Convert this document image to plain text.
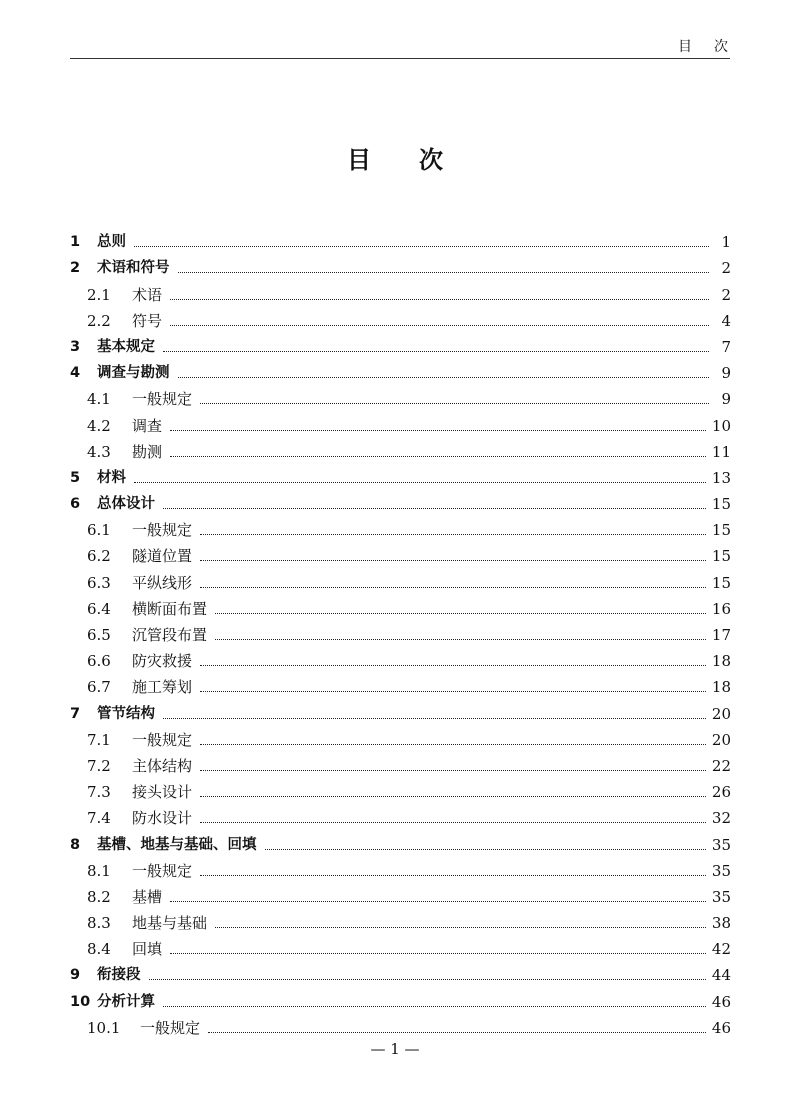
目次
目次
1	总则	1
2	术语和符号	2
2.1	术语	2
2.2	符号	4
3	基本规定	7
4	调查与勘测	9
4.1	一般规定	9
4.2	调查	10
4.3	勘测	11
5	材料	13
6	总体设计	15
6.1	一般规定	15
6.2	隧道位置	15
6.3	平纵线形	15
6.4	横断面布置	16
6.5	沉管段布置	17
6.6	防灾救援	18
6.7	施工筹划	18
7	管节结构	20
7.1	一般规定	20
7.2	主体结构	22
7.3	接头设计	26
7.4	防水设计	32
8	基槽、地基与基础、回填	35
8.1	一般规定	35
8.2	基槽	35
8.3	地基与基础	38
8.4	回填	42
9	衔接段	44
10 分析计算	46
10.1	一般规定	46
— 1 —
